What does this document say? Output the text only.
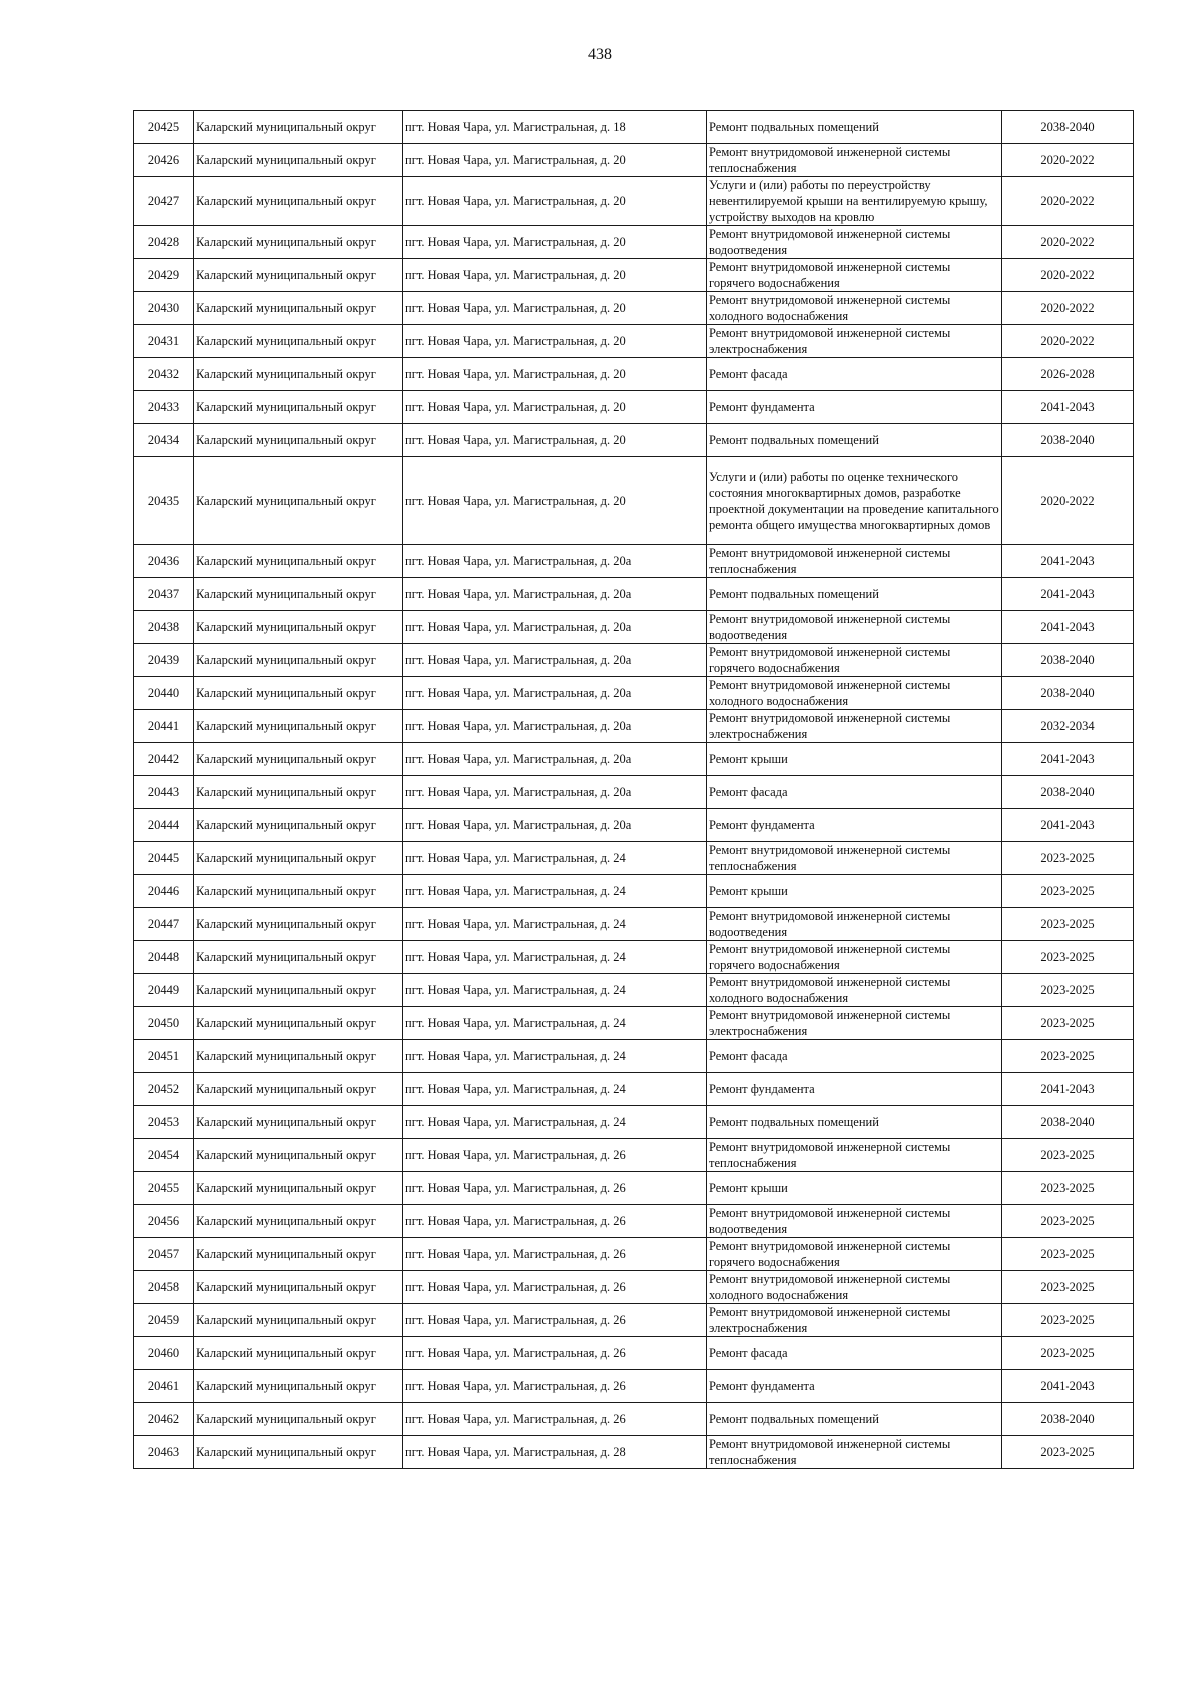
438
20425	Каларский муниципальный округ	пгт. Новая Чара, ул. Магистральная, д. 18	Ремонт подвальных помещений	2038-2040
20426	Каларский муниципальный округ	пгт. Новая Чара, ул. Магистральная, д. 20	Ремонт внутридомовой инженерной системы теплоснабжения	2020-2022
20427	Каларский муниципальный округ	пгт. Новая Чара, ул. Магистральная, д. 20	Услуги и (или) работы по переустройству невентилируемой крыши на вентилируемую крышу, устройству выходов на кровлю	2020-2022
20428	Каларский муниципальный округ	пгт. Новая Чара, ул. Магистральная, д. 20	Ремонт внутридомовой инженерной системы водоотведения	2020-2022
20429	Каларский муниципальный округ	пгт. Новая Чара, ул. Магистральная, д. 20	Ремонт внутридомовой инженерной системы горячего водоснабжения	2020-2022
20430	Каларский муниципальный округ	пгт. Новая Чара, ул. Магистральная, д. 20	Ремонт внутридомовой инженерной системы холодного водоснабжения	2020-2022
20431	Каларский муниципальный округ	пгт. Новая Чара, ул. Магистральная, д. 20	Ремонт внутридомовой инженерной системы электроснабжения	2020-2022
20432	Каларский муниципальный округ	пгт. Новая Чара, ул. Магистральная, д. 20	Ремонт фасада	2026-2028
20433	Каларский муниципальный округ	пгт. Новая Чара, ул. Магистральная, д. 20	Ремонт фундамента	2041-2043
20434	Каларский муниципальный округ	пгт. Новая Чара, ул. Магистральная, д. 20	Ремонт подвальных помещений	2038-2040
20435	Каларский муниципальный округ	пгт. Новая Чара, ул. Магистральная, д. 20	Услуги и (или) работы по оценке технического состояния многоквартирных домов, разработке проектной документации на проведение капитального ремонта общего имущества многоквартирных домов	2020-2022
20436	Каларский муниципальный округ	пгт. Новая Чара, ул. Магистральная, д. 20а	Ремонт внутридомовой инженерной системы теплоснабжения	2041-2043
20437	Каларский муниципальный округ	пгт. Новая Чара, ул. Магистральная, д. 20а	Ремонт подвальных помещений	2041-2043
20438	Каларский муниципальный округ	пгт. Новая Чара, ул. Магистральная, д. 20а	Ремонт внутридомовой инженерной системы водоотведения	2041-2043
20439	Каларский муниципальный округ	пгт. Новая Чара, ул. Магистральная, д. 20а	Ремонт внутридомовой инженерной системы горячего водоснабжения	2038-2040
20440	Каларский муниципальный округ	пгт. Новая Чара, ул. Магистральная, д. 20а	Ремонт внутридомовой инженерной системы холодного водоснабжения	2038-2040
20441	Каларский муниципальный округ	пгт. Новая Чара, ул. Магистральная, д. 20а	Ремонт внутридомовой инженерной системы электроснабжения	2032-2034
20442	Каларский муниципальный округ	пгт. Новая Чара, ул. Магистральная, д. 20а	Ремонт крыши	2041-2043
20443	Каларский муниципальный округ	пгт. Новая Чара, ул. Магистральная, д. 20а	Ремонт фасада	2038-2040
20444	Каларский муниципальный округ	пгт. Новая Чара, ул. Магистральная, д. 20а	Ремонт фундамента	2041-2043
20445	Каларский муниципальный округ	пгт. Новая Чара, ул. Магистральная, д. 24	Ремонт внутридомовой инженерной системы теплоснабжения	2023-2025
20446	Каларский муниципальный округ	пгт. Новая Чара, ул. Магистральная, д. 24	Ремонт крыши	2023-2025
20447	Каларский муниципальный округ	пгт. Новая Чара, ул. Магистральная, д. 24	Ремонт внутридомовой инженерной системы водоотведения	2023-2025
20448	Каларский муниципальный округ	пгт. Новая Чара, ул. Магистральная, д. 24	Ремонт внутридомовой инженерной системы горячего водоснабжения	2023-2025
20449	Каларский муниципальный округ	пгт. Новая Чара, ул. Магистральная, д. 24	Ремонт внутридомовой инженерной системы холодного водоснабжения	2023-2025
20450	Каларский муниципальный округ	пгт. Новая Чара, ул. Магистральная, д. 24	Ремонт внутридомовой инженерной системы электроснабжения	2023-2025
20451	Каларский муниципальный округ	пгт. Новая Чара, ул. Магистральная, д. 24	Ремонт фасада	2023-2025
20452	Каларский муниципальный округ	пгт. Новая Чара, ул. Магистральная, д. 24	Ремонт фундамента	2041-2043
20453	Каларский муниципальный округ	пгт. Новая Чара, ул. Магистральная, д. 24	Ремонт подвальных помещений	2038-2040
20454	Каларский муниципальный округ	пгт. Новая Чара, ул. Магистральная, д. 26	Ремонт внутридомовой инженерной системы теплоснабжения	2023-2025
20455	Каларский муниципальный округ	пгт. Новая Чара, ул. Магистральная, д. 26	Ремонт крыши	2023-2025
20456	Каларский муниципальный округ	пгт. Новая Чара, ул. Магистральная, д. 26	Ремонт внутридомовой инженерной системы водоотведения	2023-2025
20457	Каларский муниципальный округ	пгт. Новая Чара, ул. Магистральная, д. 26	Ремонт внутридомовой инженерной системы горячего водоснабжения	2023-2025
20458	Каларский муниципальный округ	пгт. Новая Чара, ул. Магистральная, д. 26	Ремонт внутридомовой инженерной системы холодного водоснабжения	2023-2025
20459	Каларский муниципальный округ	пгт. Новая Чара, ул. Магистральная, д. 26	Ремонт внутридомовой инженерной системы электроснабжения	2023-2025
20460	Каларский муниципальный округ	пгт. Новая Чара, ул. Магистральная, д. 26	Ремонт фасада	2023-2025
20461	Каларский муниципальный округ	пгт. Новая Чара, ул. Магистральная, д. 26	Ремонт фундамента	2041-2043
20462	Каларский муниципальный округ	пгт. Новая Чара, ул. Магистральная, д. 26	Ремонт подвальных помещений	2038-2040
20463	Каларский муниципальный округ	пгт. Новая Чара, ул. Магистральная, д. 28	Ремонт внутридомовой инженерной системы теплоснабжения	2023-2025
